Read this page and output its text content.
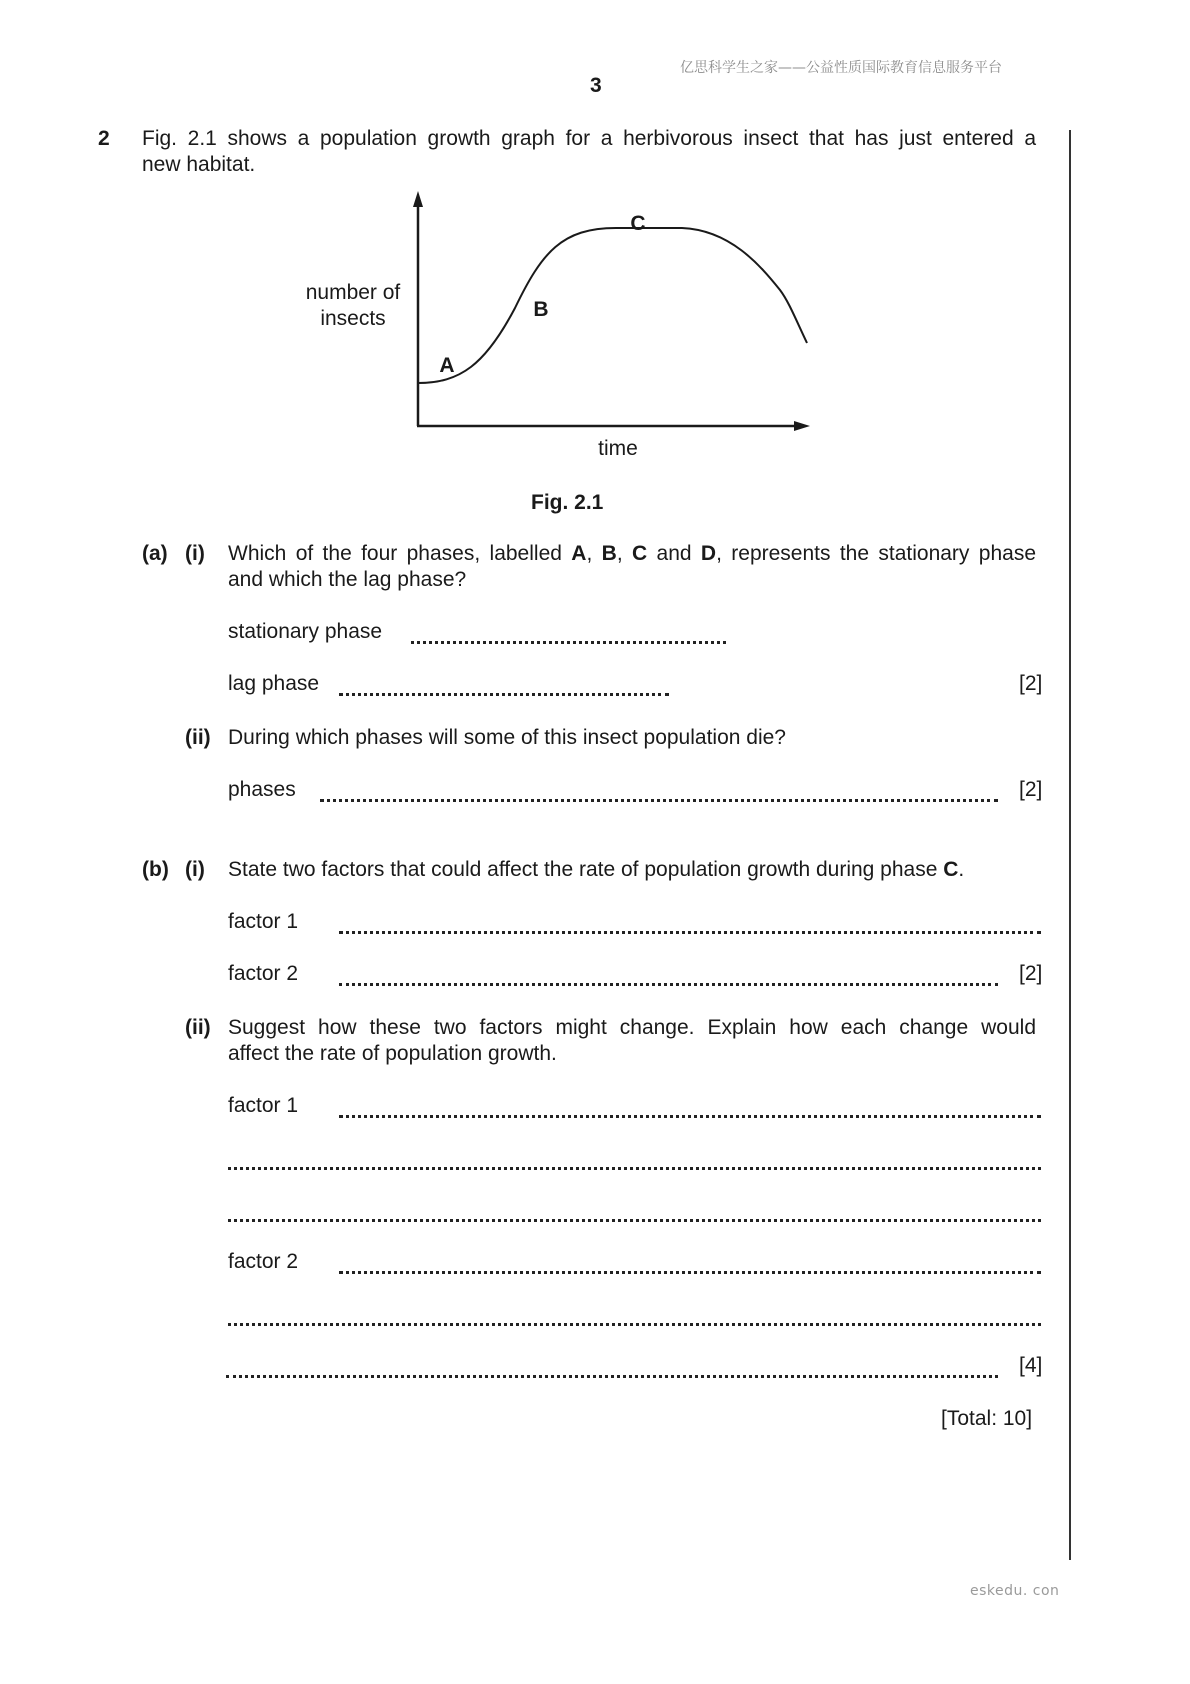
亿思科学生之家——公益性质国际教育信息服务平台
3
2 Fig. 2.1 shows a population growth graph for a herbivorous insect that has just entered a
new habitat.
number of
insects
time
A
B
C
Fig. 2.1
(a) (i) Which of the four phases, labelled A, B, C and D, represents the stationary phase
and which the lag phase?
stationary phase
lag phase	[2]
(ii) During which phases will some of this insect population die?
phases	[2]
(b) (i) State two factors that could affect the rate of population growth during phase C.
factor 1
factor 2	[2]
(ii) Suggest how these two factors might change. Explain how each change would
affect the rate of population growth.
factor 1
factor 2
[4]
[Total: 10]
eskedu. con
